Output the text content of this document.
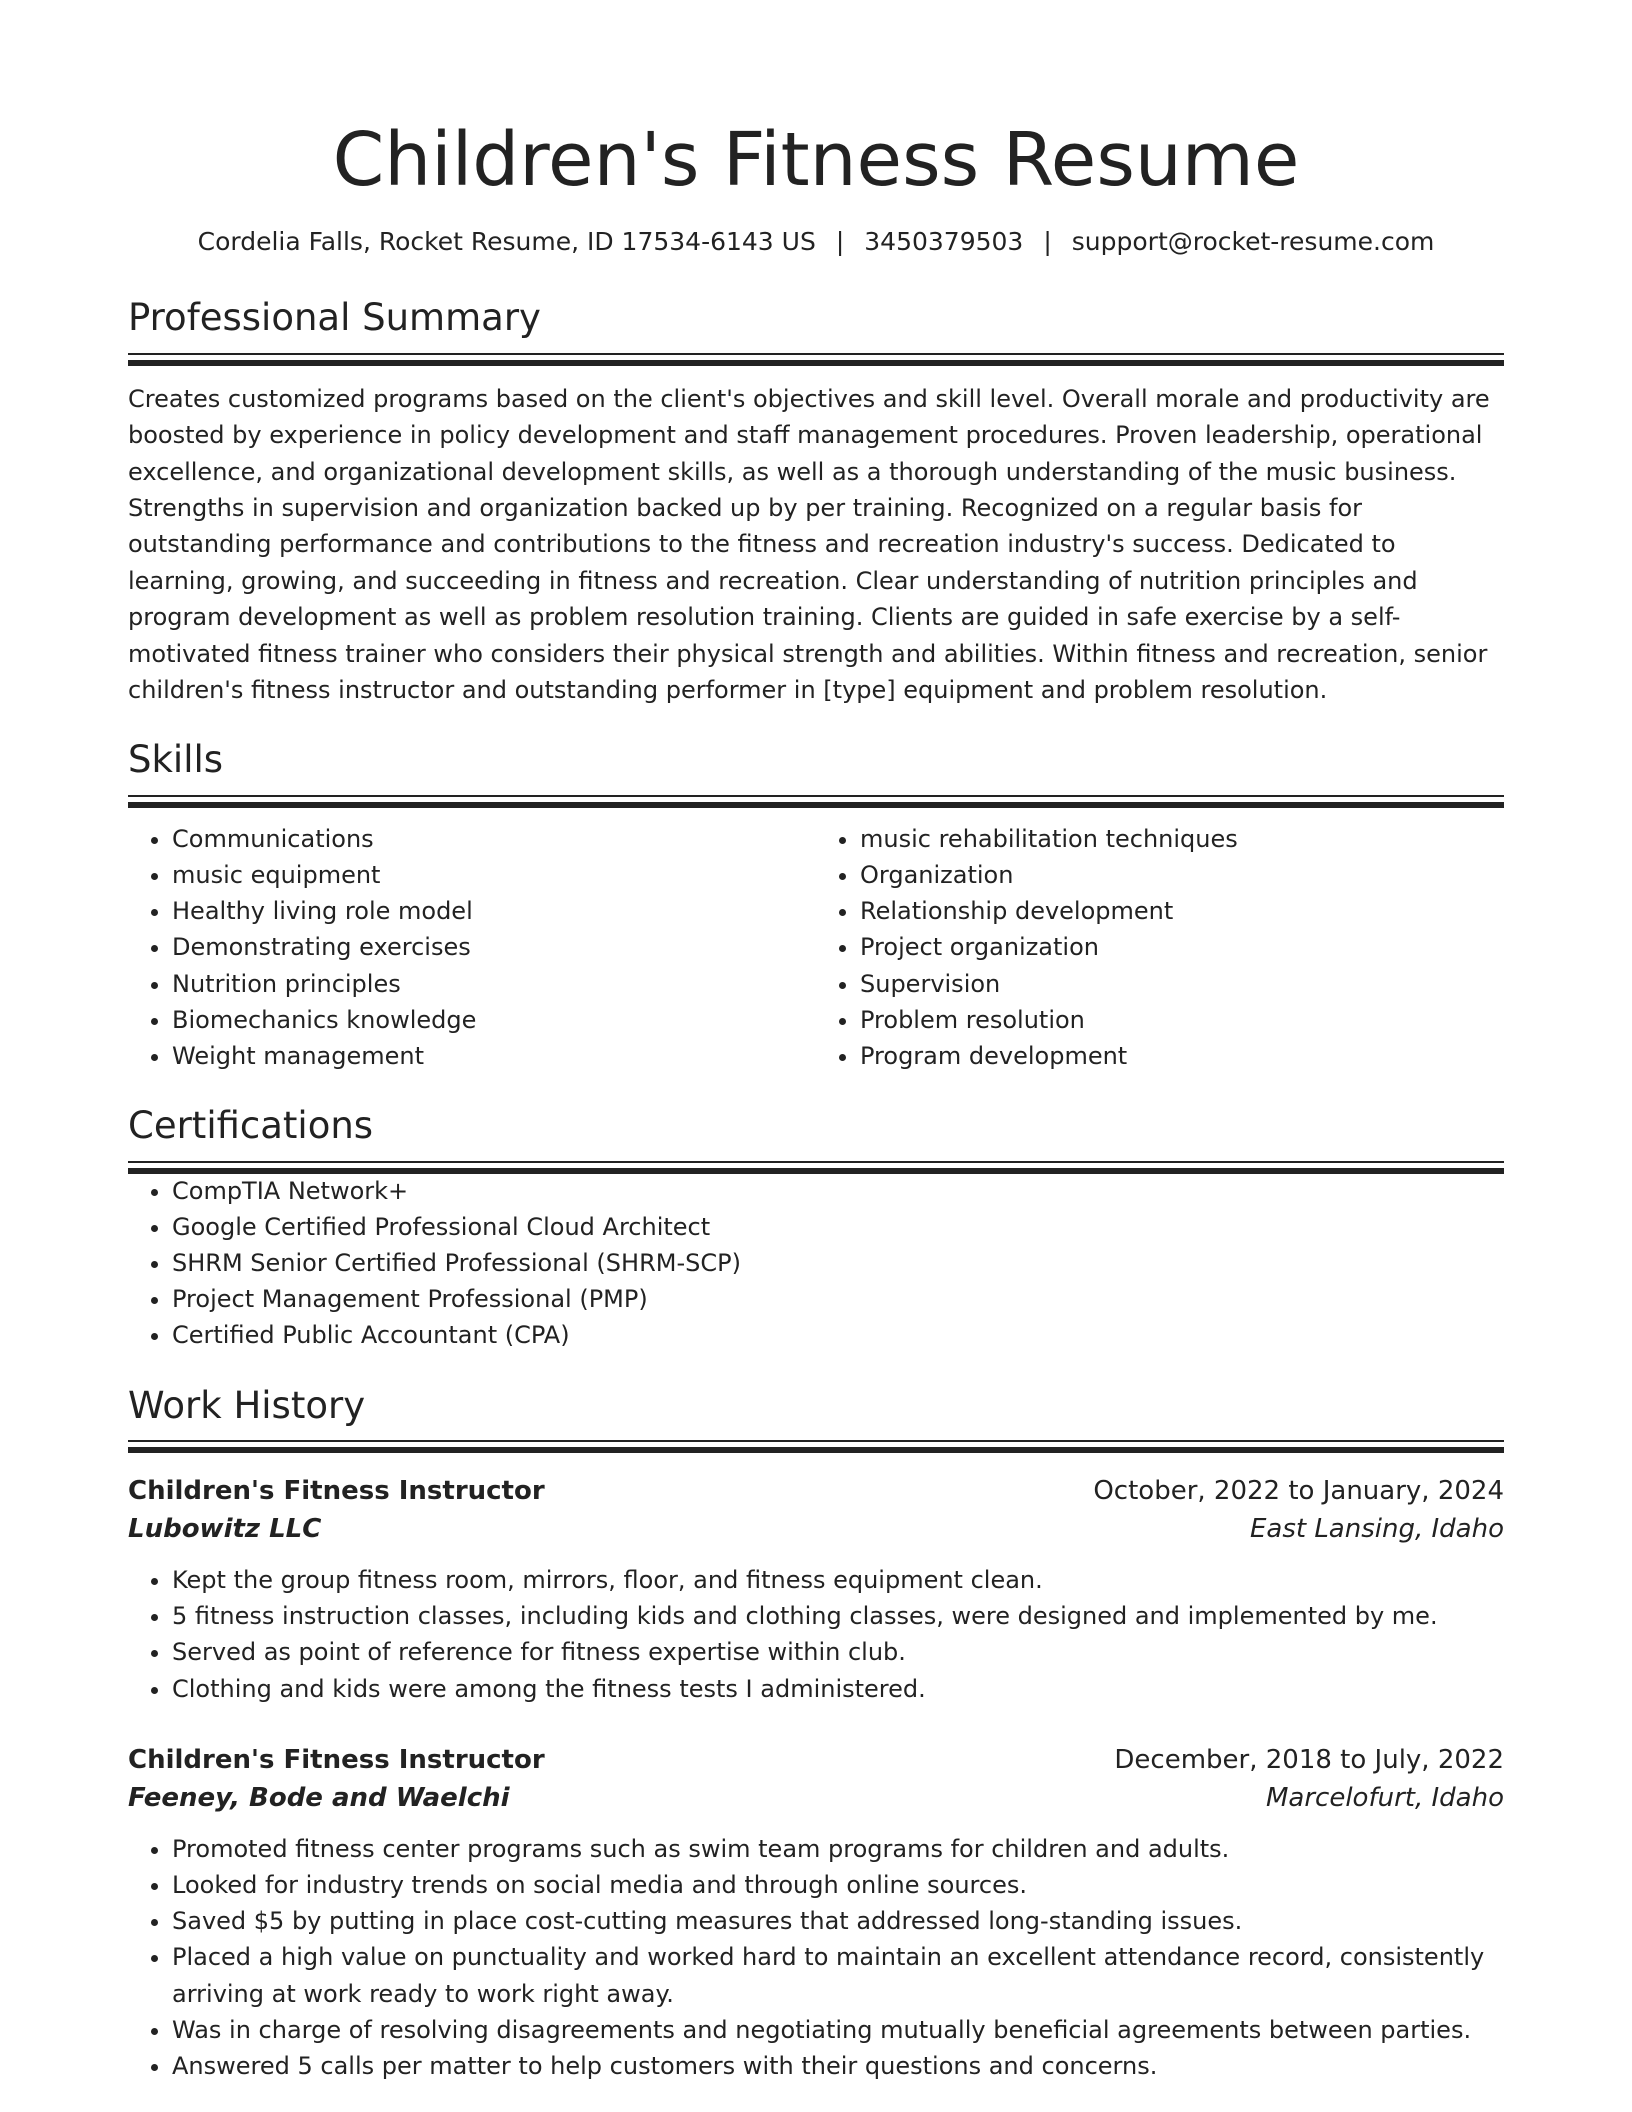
Children's Fitness Resume
Cordelia Falls, Rocket Resume, ID 17534-6143 US | 3450379503 | support@rocket-resume.com
Professional Summary

Creates customized programs based on the client's objectives and skill level. Overall morale and productivity are boosted by experience in policy development and staff management procedures. Proven leadership, operational excellence, and organizational development skills, as well as a thorough understanding of the music business. Strengths in supervision and organization backed up by per training. Recognized on a regular basis for outstanding performance and contributions to the fitness and recreation industry's success. Dedicated to learning, growing, and succeeding in fitness and recreation. Clear understanding of nutrition principles and program development as well as problem resolution training. Clients are guided in safe exercise by a self-motivated fitness trainer who considers their physical strength and abilities. Within fitness and recreation, senior children's fitness instructor and outstanding performer in [type] equipment and problem resolution.

Skills
• Communications
• music equipment
• Healthy living role model
• Demonstrating exercises
• Nutrition principles
• Biomechanics knowledge
• Weight management
• music rehabilitation techniques
• Organization
• Relationship development
• Project organization
• Supervision
• Problem resolution
• Program development
Certifications
• CompTIA Network+
• Google Certified Professional Cloud Architect
• SHRM Senior Certified Professional (SHRM-SCP)
• Project Management Professional (PMP)
• Certified Public Accountant (CPA)
Work History
Children's Fitness Instructor	October, 2022 to January, 2024
Lubowitz LLC	East Lansing, Idaho
• Kept the group fitness room, mirrors, floor, and fitness equipment clean.
• 5 fitness instruction classes, including kids and clothing classes, were designed and implemented by me.
• Served as point of reference for fitness expertise within club.
• Clothing and kids were among the fitness tests I administered.
Children's Fitness Instructor	December, 2018 to July, 2022
Feeney, Bode and Waelchi	Marcelofurt, Idaho
• Promoted fitness center programs such as swim team programs for children and adults.
• Looked for industry trends on social media and through online sources.
• Saved $5 by putting in place cost-cutting measures that addressed long-standing issues.
• Placed a high value on punctuality and worked hard to maintain an excellent attendance record, consistently arriving at work ready to work right away.
• Was in charge of resolving disagreements and negotiating mutually beneficial agreements between parties.
• Answered 5 calls per matter to help customers with their questions and concerns.
